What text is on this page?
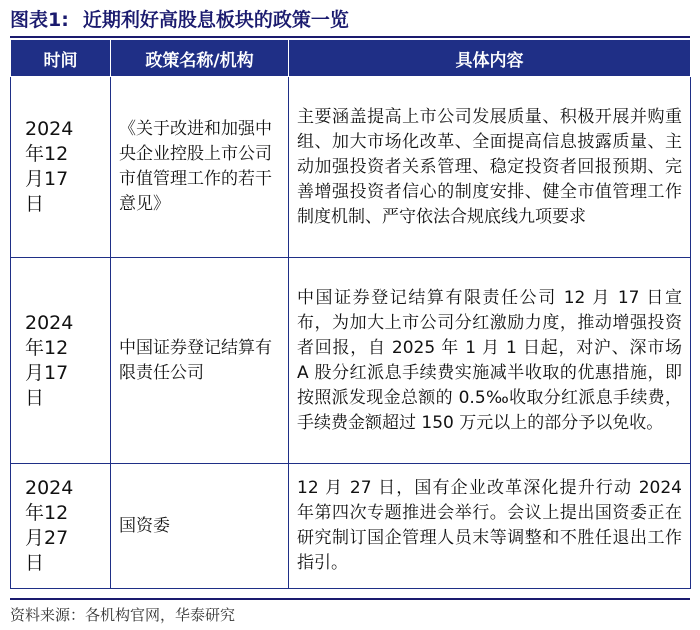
图表1: 近期利好高股息板块的政策一览
时间	政策名称/机构	具体内容

2024年12月17日	《关于改进和加强中央企业控股上市公司市值管理工作的若干意见》	主要涵盖提高上市公司发展质量、积极开展并购重组、加大市场化改革、全面提高信息披露质量、主动加强投资者关系管理、稳定投资者回报预期、完善增强投资者信心的制度安排、健全市值管理工作制度机制、严守依法合规底线九项要求

2024年12月17日	中国证券登记结算有限责任公司	中国证券登记结算有限责任公司 12 月 17 日宣布，为加大上市公司分红激励力度，推动增强投资者回报，自 2025 年 1 月 1 日起，对沪、深市场 A 股分红派息手续费实施减半收取的优惠措施，即按照派发现金总额的 0.5‰收取分红派息手续费，手续费金额超过 150 万元以上的部分予以免收。

2024年12月27日	国资委	12 月 27 日，国有企业改革深化提升行动 2024 年第四次专题推进会举行。会议上提出国资委正在研究制订国企管理人员末等调整和不胜任退出工作指引。
资料来源：各机构官网，华泰研究
